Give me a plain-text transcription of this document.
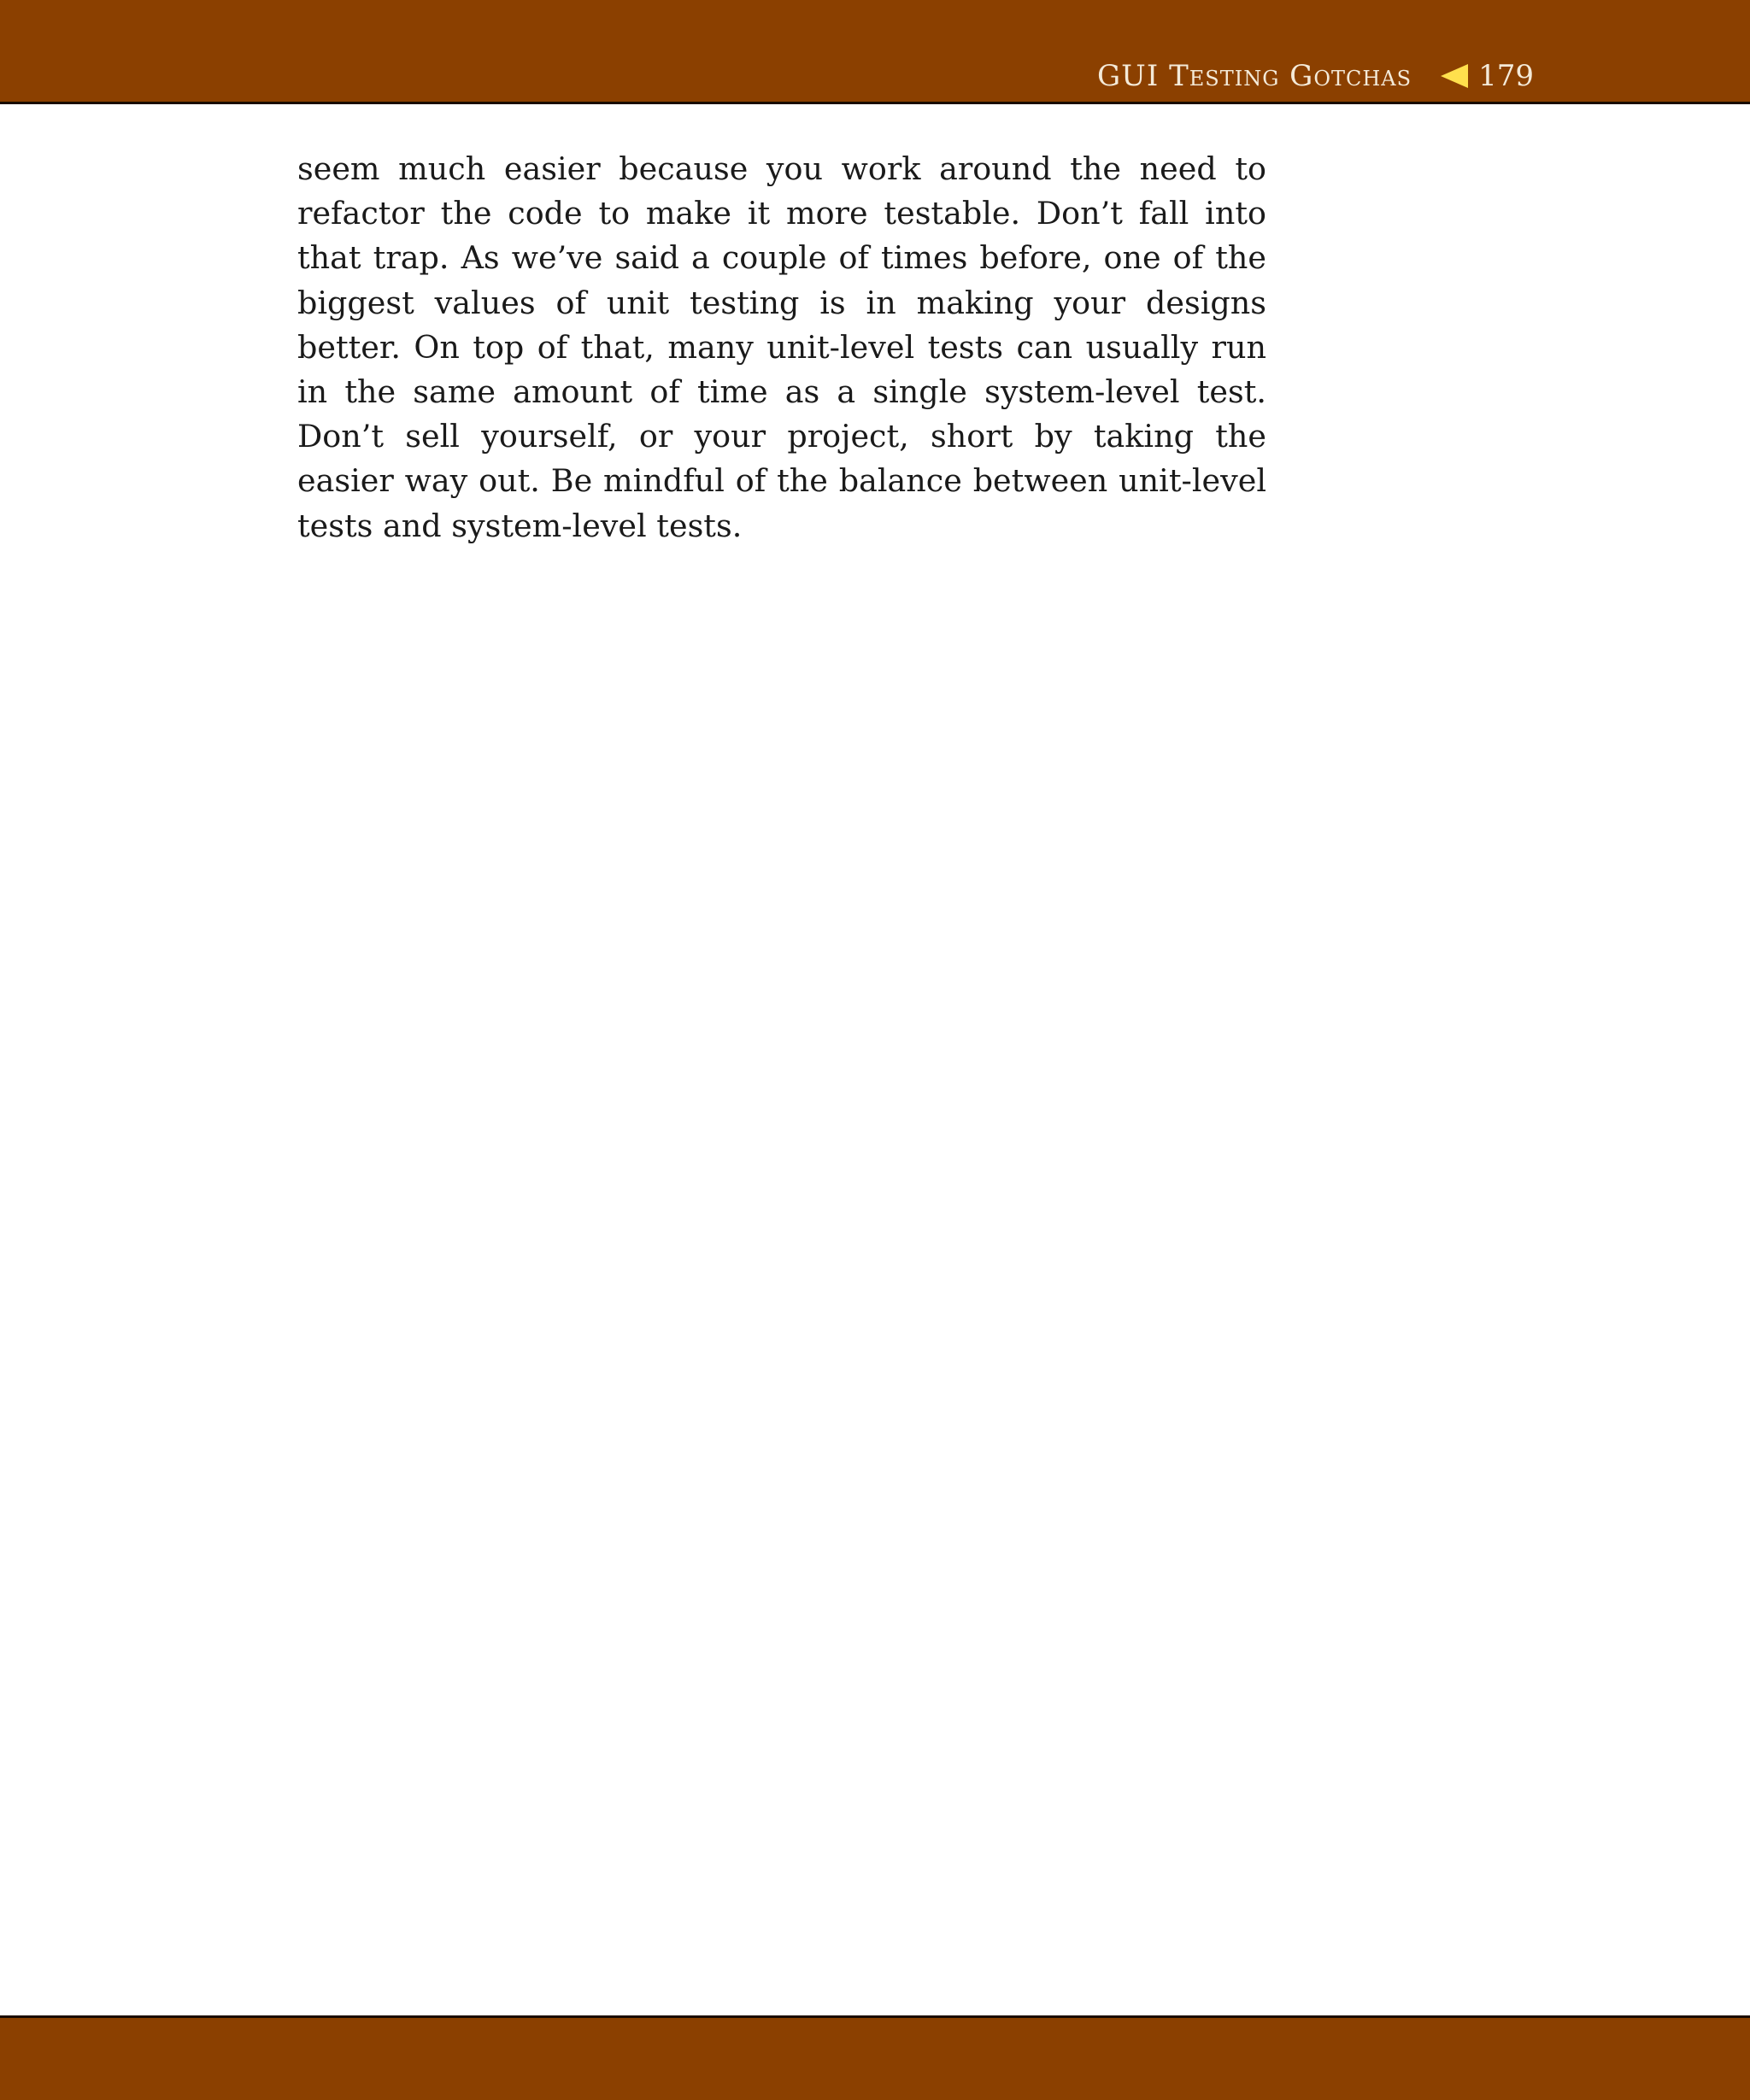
GUI Testing Gotchas 179

seem much easier because you work around the need to refactor the code to make it more testable. Don’t fall into that trap. As we’ve said a couple of times before, one of the biggest values of unit testing is in making your designs better. On top of that, many unit-level tests can usually run in the same amount of time as a single system-level test. Don’t sell yourself, or your project, short by taking the easier way out. Be mindful of the balance between unit-level tests and system-level tests.
